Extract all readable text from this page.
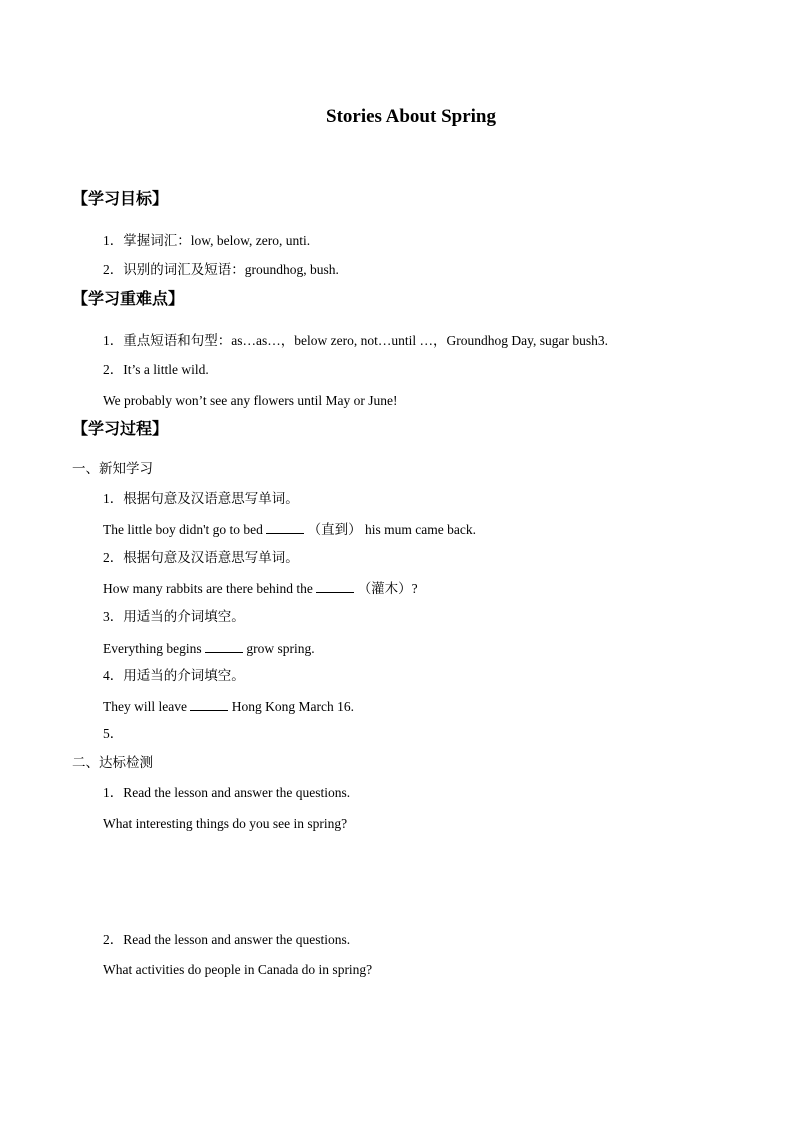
Stories About Spring
【学习目标】
1．掌握词汇：low, below, zero, unti.
2．识别的词汇及短语：groundhog, bush.
【学习重难点】
1．重点短语和句型：as…as…，below zero, not…until …，Groundhog Day, sugar bush3.
2．It’s a little wild.
We probably won’t see any flowers until May or June!
【学习过程】
一、新知学习
1．根据句意及汉语意思写单词。
The little boy didn't go to bed	（直到） his mum came back.
2．根据句意及汉语意思写单词。
How many rabbits are there behind the	（灌木）?
3．用适当的介词填空。
Everything begins	grow spring.
4．用适当的介词填空。
They will leave	Hong Kong March 16.
5．
二、达标检测
1．Read the lesson and answer the questions.
What interesting things do you see in spring?
2．Read the lesson and answer the questions.
What activities do people in Canada do in spring?
